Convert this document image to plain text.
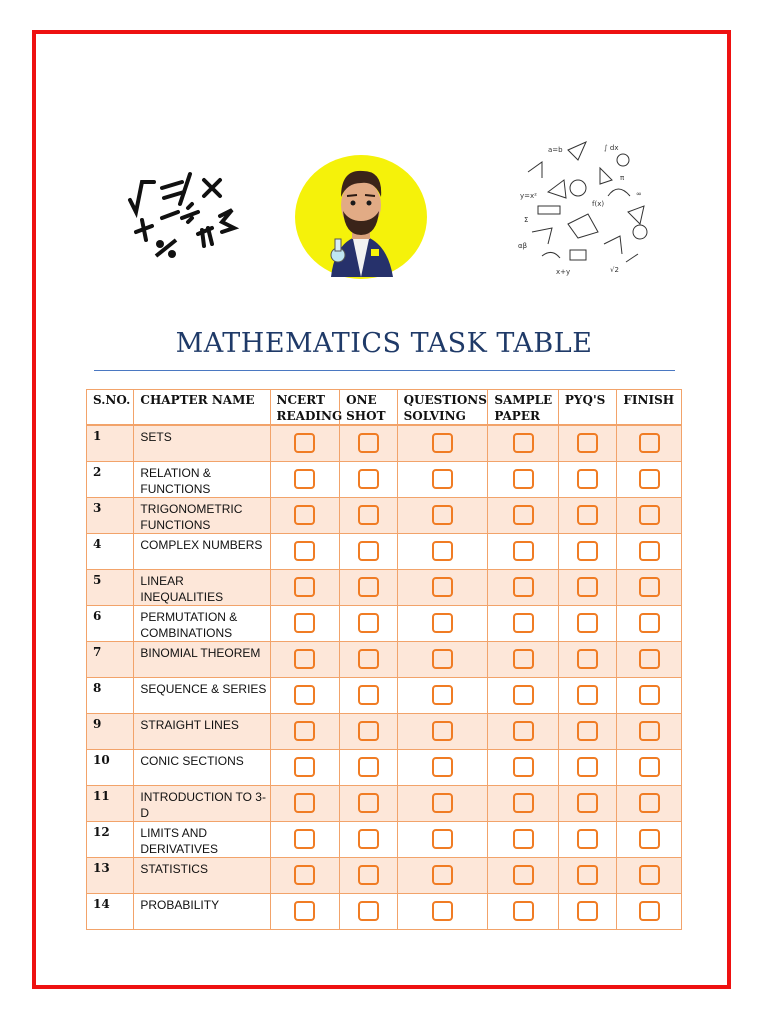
a=b	∫ dx
y=x²
f(x)
π
Σ
x+y	√2
∞
αβ
MATHEMATICS TASK TABLE
S.NO.	CHAPTER NAME	NCERT READING	ONE SHOT	QUESTIONS SOLVING	SAMPLE PAPER	PYQ'S	FINISH
1	SETS						
2	RELATION & FUNCTIONS						
3	TRIGONOMETRIC FUNCTIONS						
4	COMPLEX NUMBERS						
5	LINEAR INEQUALITIES						
6	PERMUTATION & COMBINATIONS						
7	BINOMIAL THEOREM						
8	SEQUENCE & SERIES						
9	STRAIGHT LINES						
10	CONIC SECTIONS						
11	INTRODUCTION TO 3-D						
12	LIMITS AND DERIVATIVES						
13	STATISTICS						
14	PROBABILITY						
